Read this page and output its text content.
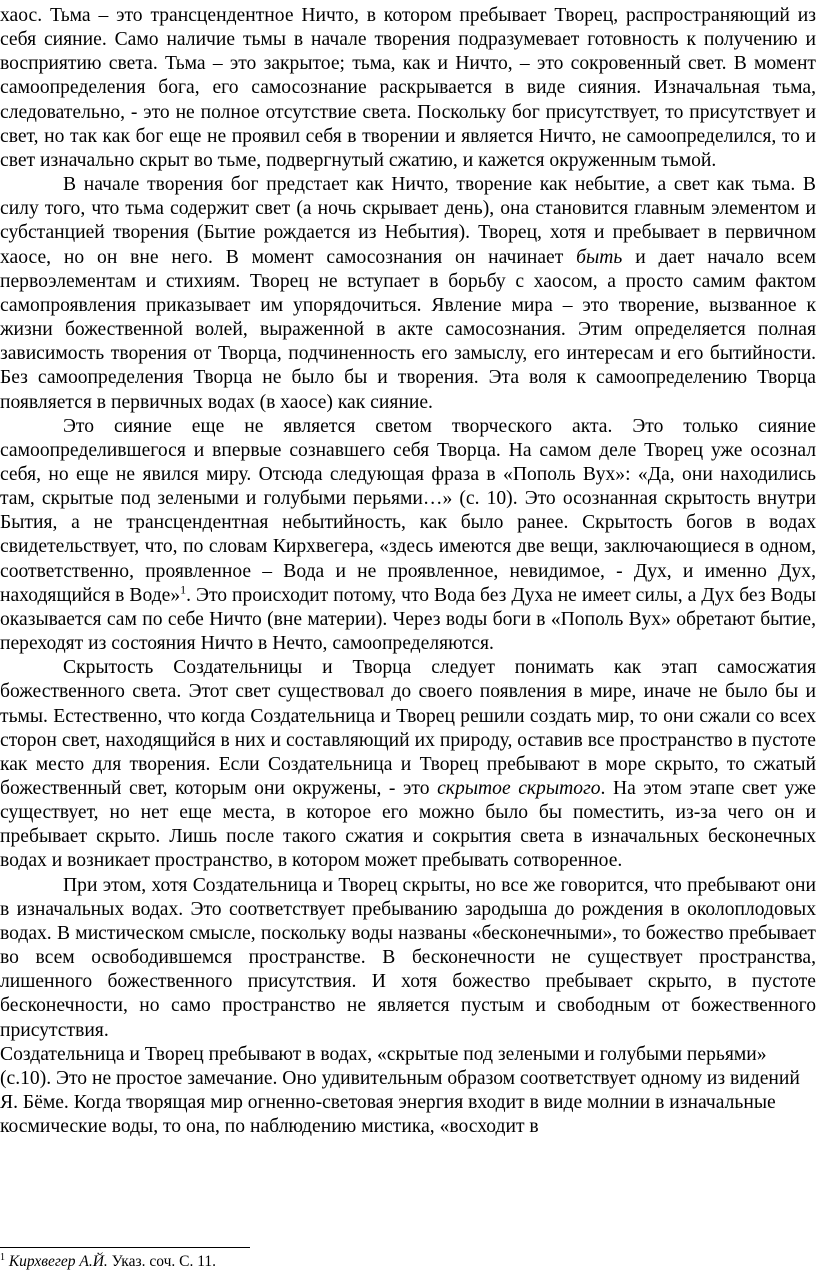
хаос. Тьма – это трансцендентное Ничто, в котором пребывает Творец, распространяющий из себя сияние. Само наличие тьмы в начале творения подразумевает готовность к получению и восприятию света. Тьма – это закрытое; тьма, как и Ничто, – это сокровенный свет. В момент самоопределения бога, его самосознание раскрывается в виде сияния. Изначальная тьма, следовательно, - это не полное отсутствие света. Поскольку бог присутствует, то присутствует и свет, но так как бог еще не проявил себя в творении и является Ничто, не самоопределился, то и свет изначально скрыт во тьме, подвергнутый сжатию, и кажется окруженным тьмой.

В начале творения бог предстает как Ничто, творение как небытие, а свет как тьма. В силу того, что тьма содержит свет (а ночь скрывает день), она становится главным элементом и субстанцией творения (Бытие рождается из Небытия). Творец, хотя и пребывает в первичном хаосе, но он вне него. В момент самосознания он начинает быть и дает начало всем первоэлементам и стихиям. Творец не вступает в борьбу с хаосом, а просто самим фактом самопроявления приказывает им упорядочиться. Явление мира – это творение, вызванное к жизни божественной волей, выраженной в акте самосознания. Этим определяется полная зависимость творения от Творца, подчиненность его замыслу, его интересам и его бытийности. Без самоопределения Творца не было бы и творения. Эта воля к самоопределению Творца появляется в первичных водах (в хаосе) как сияние.

Это сияние еще не является светом творческого акта. Это только сияние самоопределившегося и впервые сознавшего себя Творца. На самом деле Творец уже осознал себя, но еще не явился миру. Отсюда следующая фраза в «Пополь Вух»: «Да, они находились там, скрытые под зелеными и голубыми перьями…» (с. 10). Это осознанная скрытость внутри Бытия, а не трансцендентная небытийность, как было ранее. Скрытость богов в водах свидетельствует, что, по словам Кирхвегера, «здесь имеются две вещи, заключающиеся в одном, соответственно, проявленное – Вода и не проявленное, невидимое, - Дух, и именно Дух, находящийся в Воде»$^1$. Это происходит потому, что Вода без Духа не имеет силы, а Дух без Воды оказывается сам по себе Ничто (вне материи). Через воды боги в «Пополь Вух» обретают бытие, переходят из состояния Ничто в Нечто, самоопределяются.

Скрытость Создательницы и Творца следует понимать как этап самосжатия божественного света. Этот свет существовал до своего появления в мире, иначе не было бы и тьмы. Естественно, что когда Создательница и Творец решили создать мир, то они сжали со всех сторон свет, находящийся в них и составляющий их природу, оставив все пространство в пустоте как место для творения. Если Создательница и Творец пребывают в море скрыто, то сжатый божественный свет, которым они окружены, - это скрытое скрытого. На этом этапе свет уже существует, но нет еще места, в которое его можно было бы поместить, из-за чего он и пребывает скрыто. Лишь после такого сжатия и сокрытия света в изначальных бесконечных водах и возникает пространство, в котором может пребывать сотворенное.

При этом, хотя Создательница и Творец скрыты, но все же говорится, что пребывают они в изначальных водах. Это соответствует пребыванию зародыша до рождения в околоплодовых водах. В мистическом смысле, поскольку воды названы «бесконечными», то божество пребывает во всем освободившемся пространстве. В бесконечности не существует пространства, лишенного божественного присутствия. И хотя божество пребывает скрыто, в пустоте бесконечности, но само пространство не является пустым и свободным от божественного присутствия.

Создательница и Творец пребывают в водах, «скрытые под зелеными и голубыми перьями» (с.10). Это не простое замечание. Оно удивительным образом соответствует одному из видений Я. Бёме. Когда творящая мир огненно-световая энергия входит в виде молнии в изначальные космические воды, то она, по наблюдению мистика, «восходит в

$^1$ Кирхвегер А.Й. Указ. соч. С. 11.
